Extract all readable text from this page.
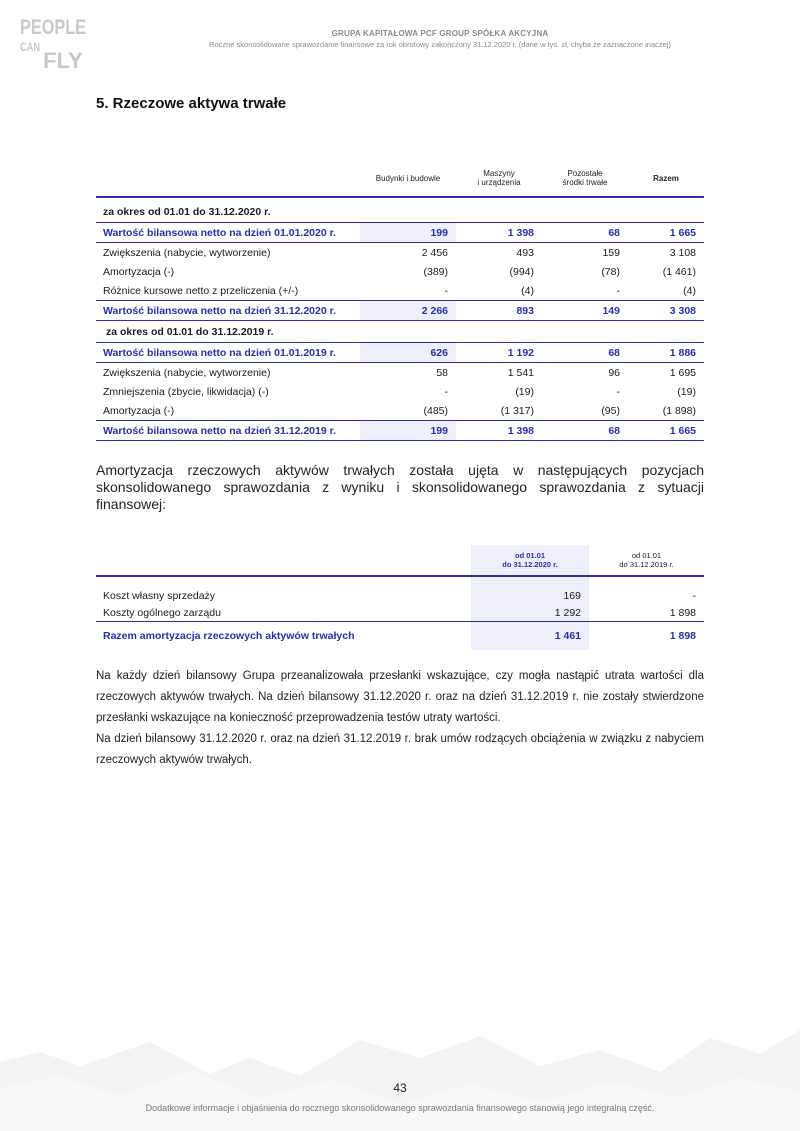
PEOPLE
CAN
FLY
GRUPA KAPITAŁOWA PCF GROUP SPÓŁKA AKCYJNA
Roczne skonsolidowane sprawozdanie finansowe za rok obrotowy zakończony 31.12.2020 r. (dane w tys. zł, chyba że zaznaczone inaczej)
5. Rzeczowe aktywa trwałe
	Budynki i budowle	Maszyny
i urządzenia	Pozostałe
środki trwałe	Razem

za okres od 01.01 do 31.12.2020 r.				
Wartość bilansowa netto na dzień 01.01.2020 r.	199	1 398	68	1 665
Zwiększenia (nabycie, wytworzenie)	2 456	493	159	3 108
Amortyzacja (-)	(389)	(994)	(78)	(1 461)
Różnice kursowe netto z przeliczenia (+/-)	-	(4)	-	(4)
Wartość bilansowa netto na dzień 31.12.2020 r.	2 266	893	149	3 308
za okres od 01.01 do 31.12.2019 r.				
Wartość bilansowa netto na dzień 01.01.2019 r.	626	1 192	68	1 886
Zwiększenia (nabycie, wytworzenie)	58	1 541	96	1 695
Zmniejszenia (zbycie, likwidacja) (-)	-	(19)	-	(19)
Amortyzacja (-)	(485)	(1 317)	(95)	(1 898)
Wartość bilansowa netto na dzień 31.12.2019 r.	199	1 398	68	1 665
Amortyzacja rzeczowych aktywów trwałych została ujęta w następujących pozycjach skonsolidowanego sprawozdania z wyniku i skonsolidowanego sprawozdania z sytuacji finansowej:
	od 01.01
do 31.12.2020 r.	od 01.01
do 31.12.2019 r.

Koszt własny sprzedaży	169	-
Koszty ogólnego zarządu	1 292	1 898
Razem amortyzacja rzeczowych aktywów trwałych	1 461	1 898
Na każdy dzień bilansowy Grupa przeanalizowała przesłanki wskazujące, czy mogła nastąpić utrata wartości dla rzeczowych aktywów trwałych. Na dzień bilansowy 31.12.2020 r. oraz na dzień 31.12.2019 r. nie zostały stwierdzone przesłanki wskazujące na konieczność przeprowadzenia testów utraty wartości.
Na dzień bilansowy 31.12.2020 r. oraz na dzień 31.12.2019 r. brak umów rodzących obciążenia w związku z nabyciem rzeczowych aktywów trwałych.
43
Dodatkowe informacje i objaśnienia do rocznego skonsolidowanego sprawozdania finansowego stanowią jego integralną część.
